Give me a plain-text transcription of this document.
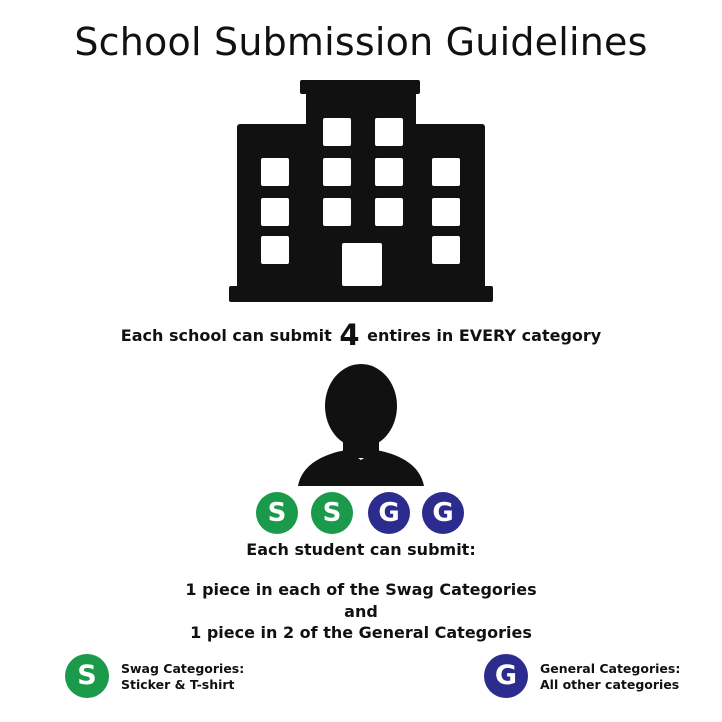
School Submission Guidelines
Each school can submit 4 entires in EVERY category
S	S	G	G
Each student can submit:
1 piece in each of the Swag Categories
and
1 piece in 2 of the General Categories
S	Swag Categories:
Sticker & T-shirt	G	General Categories:
All other categories
